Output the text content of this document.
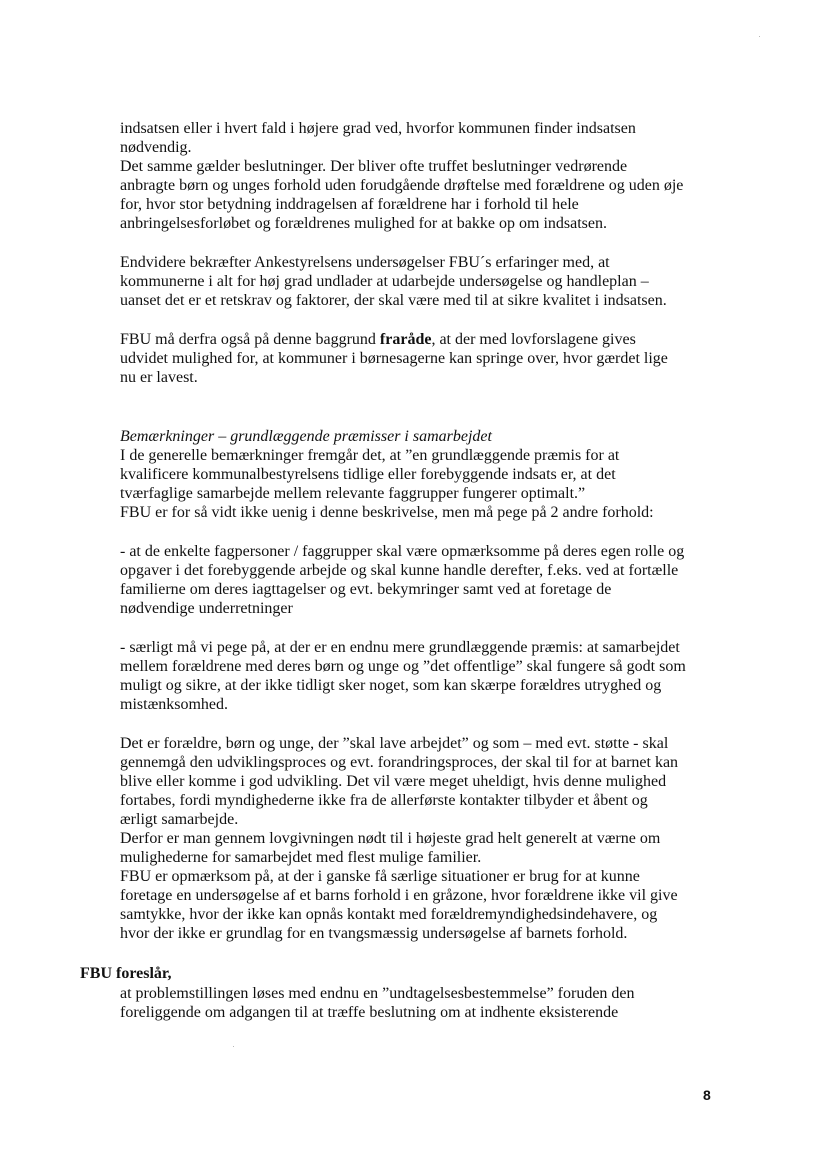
indsatsen eller i hvert fald i højere grad ved, hvorfor kommunen finder indsatsen
nødvendig.
Det samme gælder beslutninger. Der bliver ofte truffet beslutninger vedrørende
anbragte børn og unges forhold uden forudgående drøftelse med forældrene og uden øje
for, hvor stor betydning inddragelsen af forældrene har i forhold til hele
anbringelsesforløbet og forældrenes mulighed for at bakke op om indsatsen.
Endvidere bekræfter Ankestyrelsens undersøgelser FBU´s erfaringer med, at
kommunerne i alt for høj grad undlader at udarbejde undersøgelse og handleplan –
uanset det er et retskrav og faktorer, der skal være med til at sikre kvalitet i indsatsen.
FBU må derfra også på denne baggrund fraråde, at der med lovforslagene gives
udvidet mulighed for, at kommuner i børnesagerne kan springe over, hvor gærdet lige
nu er lavest.
Bemærkninger – grundlæggende præmisser i samarbejdet
I de generelle bemærkninger fremgår det, at ”en grundlæggende præmis for at
kvalificere kommunalbestyrelsens tidlige eller forebyggende indsats er, at det
tværfaglige samarbejde mellem relevante faggrupper fungerer optimalt.”
FBU er for så vidt ikke uenig i denne beskrivelse, men må pege på 2 andre forhold:
- at de enkelte fagpersoner / faggrupper skal være opmærksomme på deres egen rolle og
opgaver i det forebyggende arbejde og skal kunne handle derefter, f.eks. ved at fortælle
familierne om deres iagttagelser og evt. bekymringer samt ved at foretage de
nødvendige underretninger
- særligt må vi pege på, at der er en endnu mere grundlæggende præmis: at samarbejdet
mellem forældrene med deres børn og unge og ”det offentlige” skal fungere så godt som
muligt og sikre, at der ikke tidligt sker noget, som kan skærpe forældres utryghed og
mistænksomhed.
Det er forældre, børn og unge, der ”skal lave arbejdet” og som – med evt. støtte - skal
gennemgå den udviklingsproces og evt. forandringsproces, der skal til for at barnet kan
blive eller komme i god udvikling. Det vil være meget uheldigt, hvis denne mulighed
fortabes, fordi myndighederne ikke fra de allerførste kontakter tilbyder et åbent og
ærligt samarbejde.
Derfor er man gennem lovgivningen nødt til i højeste grad helt generelt at værne om
mulighederne for samarbejdet med flest mulige familier.
FBU er opmærksom på, at der i ganske få særlige situationer er brug for at kunne
foretage en undersøgelse af et barns forhold i en gråzone, hvor forældrene ikke vil give
samtykke, hvor der ikke kan opnås kontakt med forældremyndighedsindehavere, og
hvor der ikke er grundlag for en tvangsmæssig undersøgelse af barnets forhold.
FBU foreslår,
at problemstillingen løses med endnu en ”undtagelsesbestemmelse” foruden den
foreliggende om adgangen til at træffe beslutning om at indhente eksisterende
8
